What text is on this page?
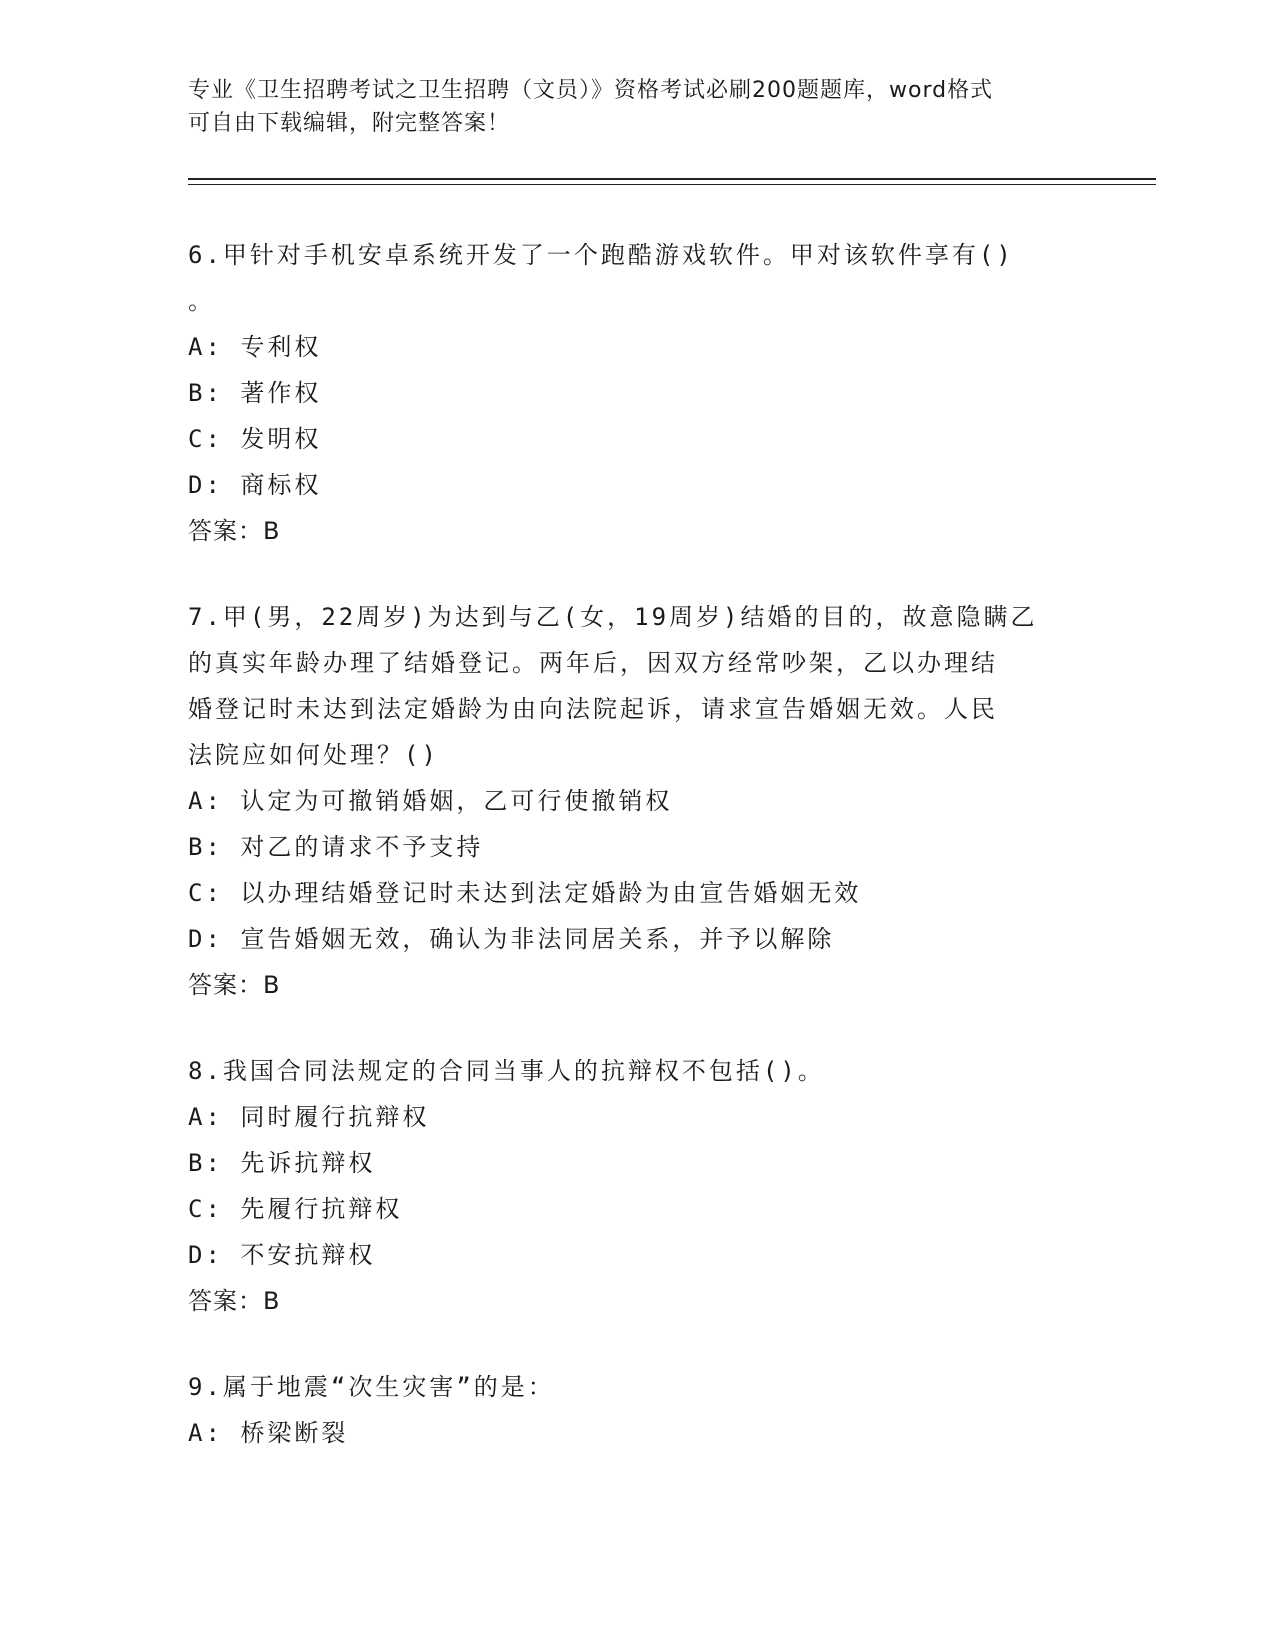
专业《卫生招聘考试之卫生招聘（文员）》资格考试必刷200题题库，word格式
可自由下载编辑，附完整答案！
6.甲针对手机安卓系统开发了一个跑酷游戏软件。甲对该软件享有()
。
A: 专利权
B: 著作权
C: 发明权
D: 商标权
答案：B
7.甲(男，22周岁)为达到与乙(女，19周岁)结婚的目的，故意隐瞒乙
的真实年龄办理了结婚登记。两年后，因双方经常吵架，乙以办理结
婚登记时未达到法定婚龄为由向法院起诉，请求宣告婚姻无效。人民
法院应如何处理？()
A: 认定为可撤销婚姻，乙可行使撤销权
B: 对乙的请求不予支持
C: 以办理结婚登记时未达到法定婚龄为由宣告婚姻无效
D: 宣告婚姻无效，确认为非法同居关系，并予以解除
答案：B
8.我国合同法规定的合同当事人的抗辩权不包括()。
A: 同时履行抗辩权
B: 先诉抗辩权
C: 先履行抗辩权
D: 不安抗辩权
答案：B
9.属于地震“次生灾害”的是：
A: 桥梁断裂
